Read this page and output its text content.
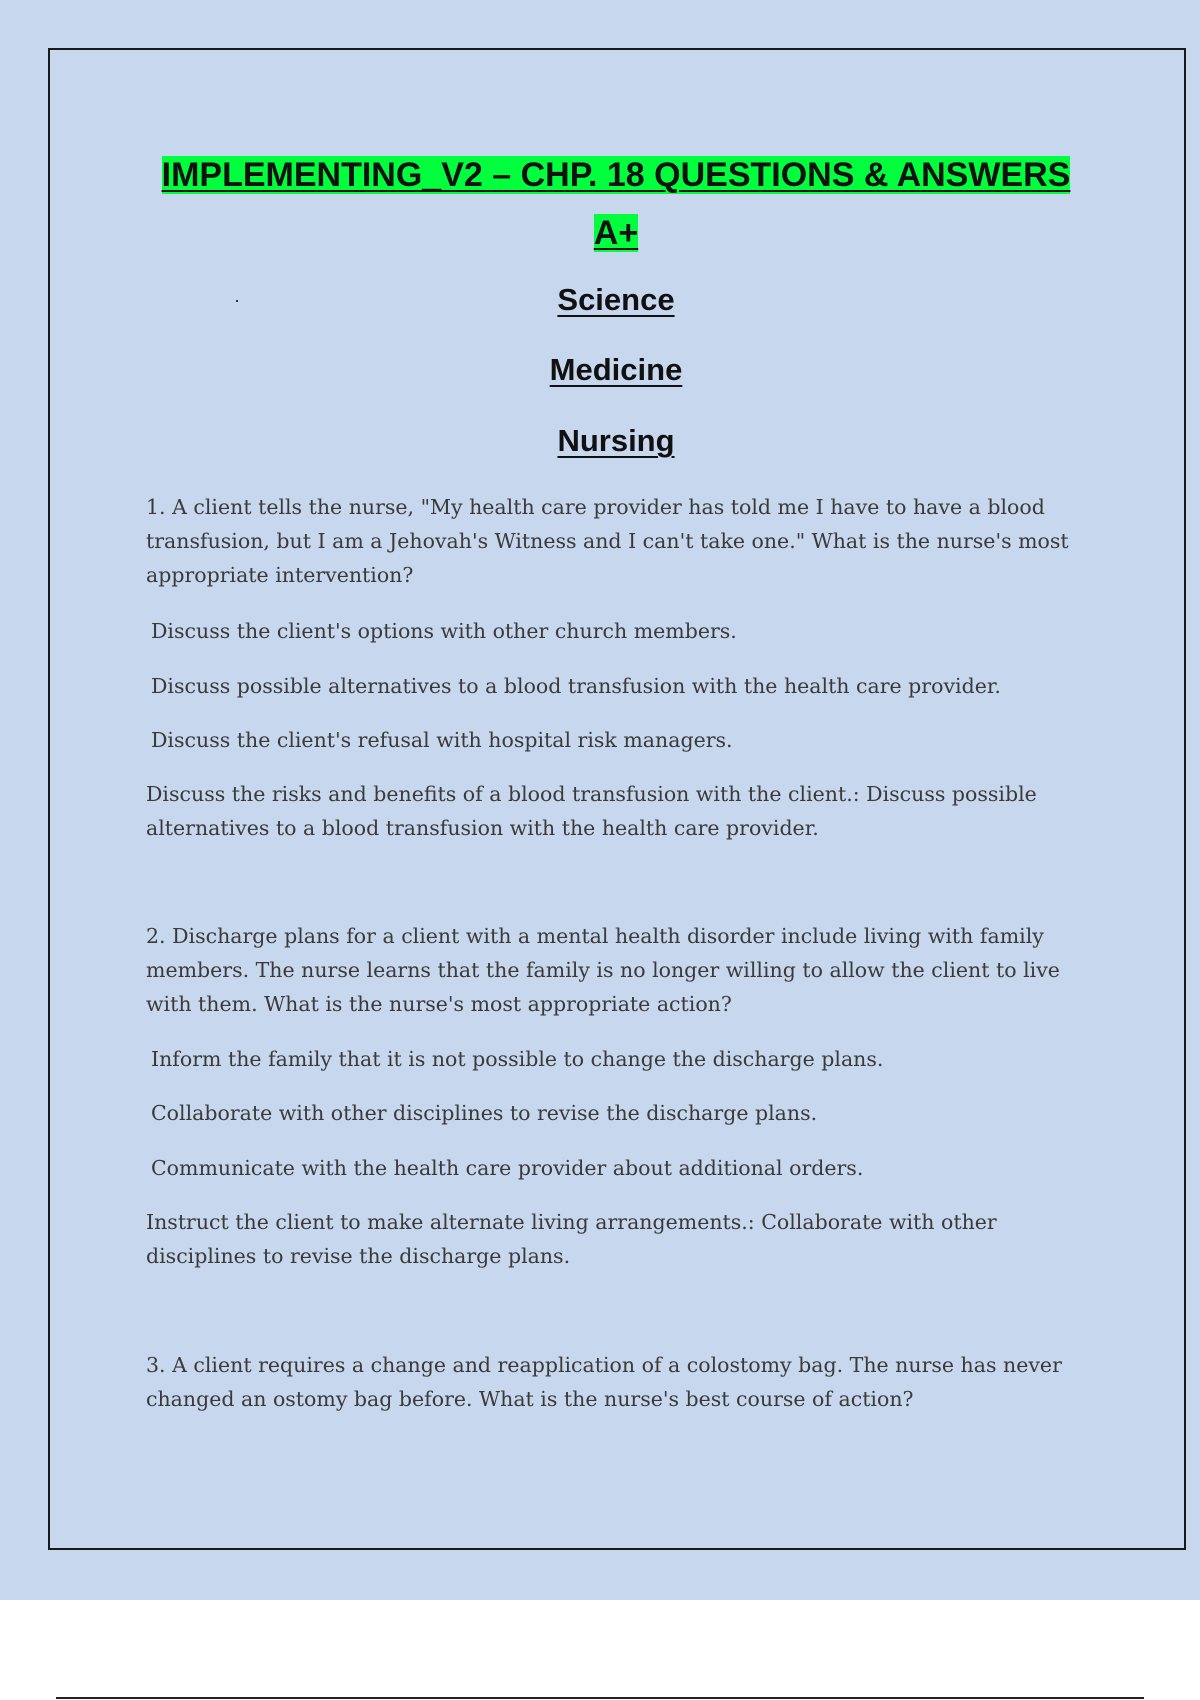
IMPLEMENTING_V2 – CHP. 18 QUESTIONS & ANSWERS
A+
Science
Medicine
Nursing

1. A client tells the nurse, "My health care provider has told me I have to have a blood transfusion, but I am a Jehovah's Witness and I can't take one." What is the nurse's most appropriate intervention?

Discuss the client's options with other church members.

Discuss possible alternatives to a blood transfusion with the health care provider.

Discuss the client's refusal with hospital risk managers.

Discuss the risks and benefits of a blood transfusion with the client.: Discuss possible alternatives to a blood transfusion with the health care provider.

2. Discharge plans for a client with a mental health disorder include living with family members. The nurse learns that the family is no longer willing to allow the client to live with them. What is the nurse's most appropriate action?

Inform the family that it is not possible to change the discharge plans.

Collaborate with other disciplines to revise the discharge plans.

Communicate with the health care provider about additional orders.

Instruct the client to make alternate living arrangements.: Collaborate with other disciplines to revise the discharge plans.

3. A client requires a change and reapplication of a colostomy bag. The nurse has never changed an ostomy bag before. What is the nurse's best course of action?
